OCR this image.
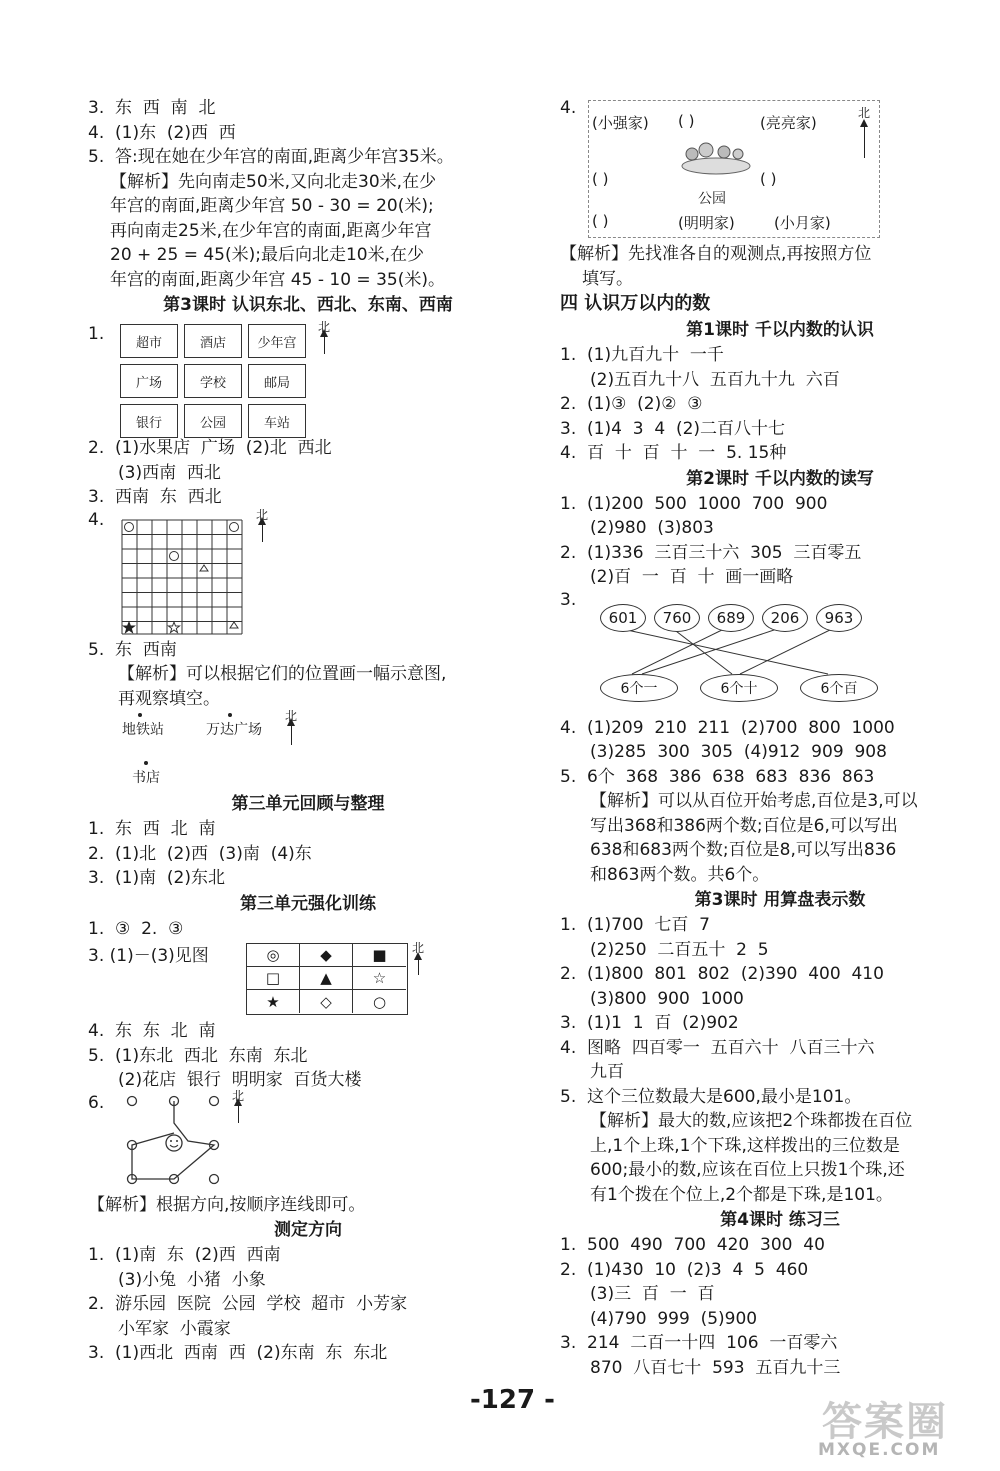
3.  东  西  南  北
4.  (1)东  (2)西  西
5.  答:现在她在少年宫的南面,距离少年宫35米。
【解析】先向南走50米,又向北走30米,在少
年宫的南面,距离少年宫 50 - 30 = 20(米);
再向南走25米,在少年宫的南面,距离少年宫
20 + 25 = 45(米);最后向北走10米,在少
年宫的南面,距离少年宫 45 - 10 = 35(米)。
第3课时 认识东北、西北、东南、西南
1.	超市	酒店	少年宫
广场	学校	邮局
银行	公园	车站
北
2.  (1)水果店  广场  (2)北  西北
(3)西南  西北
3.  西南  东  西北
4.	北
5.  东  西南
【解析】可以根据它们的位置画一幅示意图,
再观察填空。
地铁站	万达广场
北
书店
第三单元回顾与整理
1.  东  西  北  南
2.  (1)北  (2)西  (3)南  (4)东
3.  (1)南  (2)东北
第三单元强化训练
1.  ③  2.  ③
3. (1)－(3)见图	◎	◆	■
□	▲	☆
★	◇	○
北
4.  东  东  北  南
5.  (1)东北  西北  东南  东北
(2)花店  银行  明明家  百货大楼
6.	北
【解析】根据方向,按顺序连线即可。
测定方向
1.  (1)南  东  (2)西  西南
(3)小兔  小猪  小象
2.  游乐园  医院  公园  学校  超市  小芳家
小军家  小霞家
3.  (1)西北  西南  西  (2)东南  东  东北
4.
(小强家) ( )	(亮亮家)
北
( )	( )
公园
( )	(明明家)	(小月家)
【解析】先找准各自的观测点,再按照方位
填写。
四 认识万以内的数
第1课时 千以内数的认识
1.  (1)九百九十  一千
(2)五百九十八  五百九十九  六百
2.  (1)③  (2)②  ③
3.  (1)4  3  4  (2)二百八十七
4.  百  十  百  十  一  5. 15种
第2课时 千以内数的读写
1.  (1)200  500  1000  700  900
(2)980  (3)803
2.  (1)336  三百三十六  305  三百零五
(2)百  一  百  十  画一画略
3.
601	760	689	206	963
6个一	6个十	6个百
4.  (1)209  210  211  (2)700  800  1000
(3)285  300  305  (4)912  909  908
5.  6个  368  386  638  683  836  863
【解析】可以从百位开始考虑,百位是3,可以
写出368和386两个数;百位是6,可以写出
638和683两个数;百位是8,可以写出836
和863两个数。共6个。
第3课时 用算盘表示数
1.  (1)700  七百  7
(2)250  二百五十  2  5
2.  (1)800  801  802  (2)390  400  410
(3)800  900  1000
3.  (1)1  1  百  (2)902
4.  图略  四百零一  五百六十  八百三十六
九百
5.  这个三位数最大是600,最小是101。
【解析】最大的数,应该把2个珠都拨在百位
上,1个上珠,1个下珠,这样拨出的三位数是
600;最小的数,应该在百位上只拨1个珠,还
有1个拨在个位上,2个都是下珠,是101。
第4课时 练习三
1.  500  490  700  420  300  40
2.  (1)430  10  (2)3  4  5  460
(3)三  百  一  百
(4)790  999  (5)900
3.  214  二百一十四  106  一百零六
870  八百七十  593  五百九十三
-127 -	答案圈
MXQE.COM
